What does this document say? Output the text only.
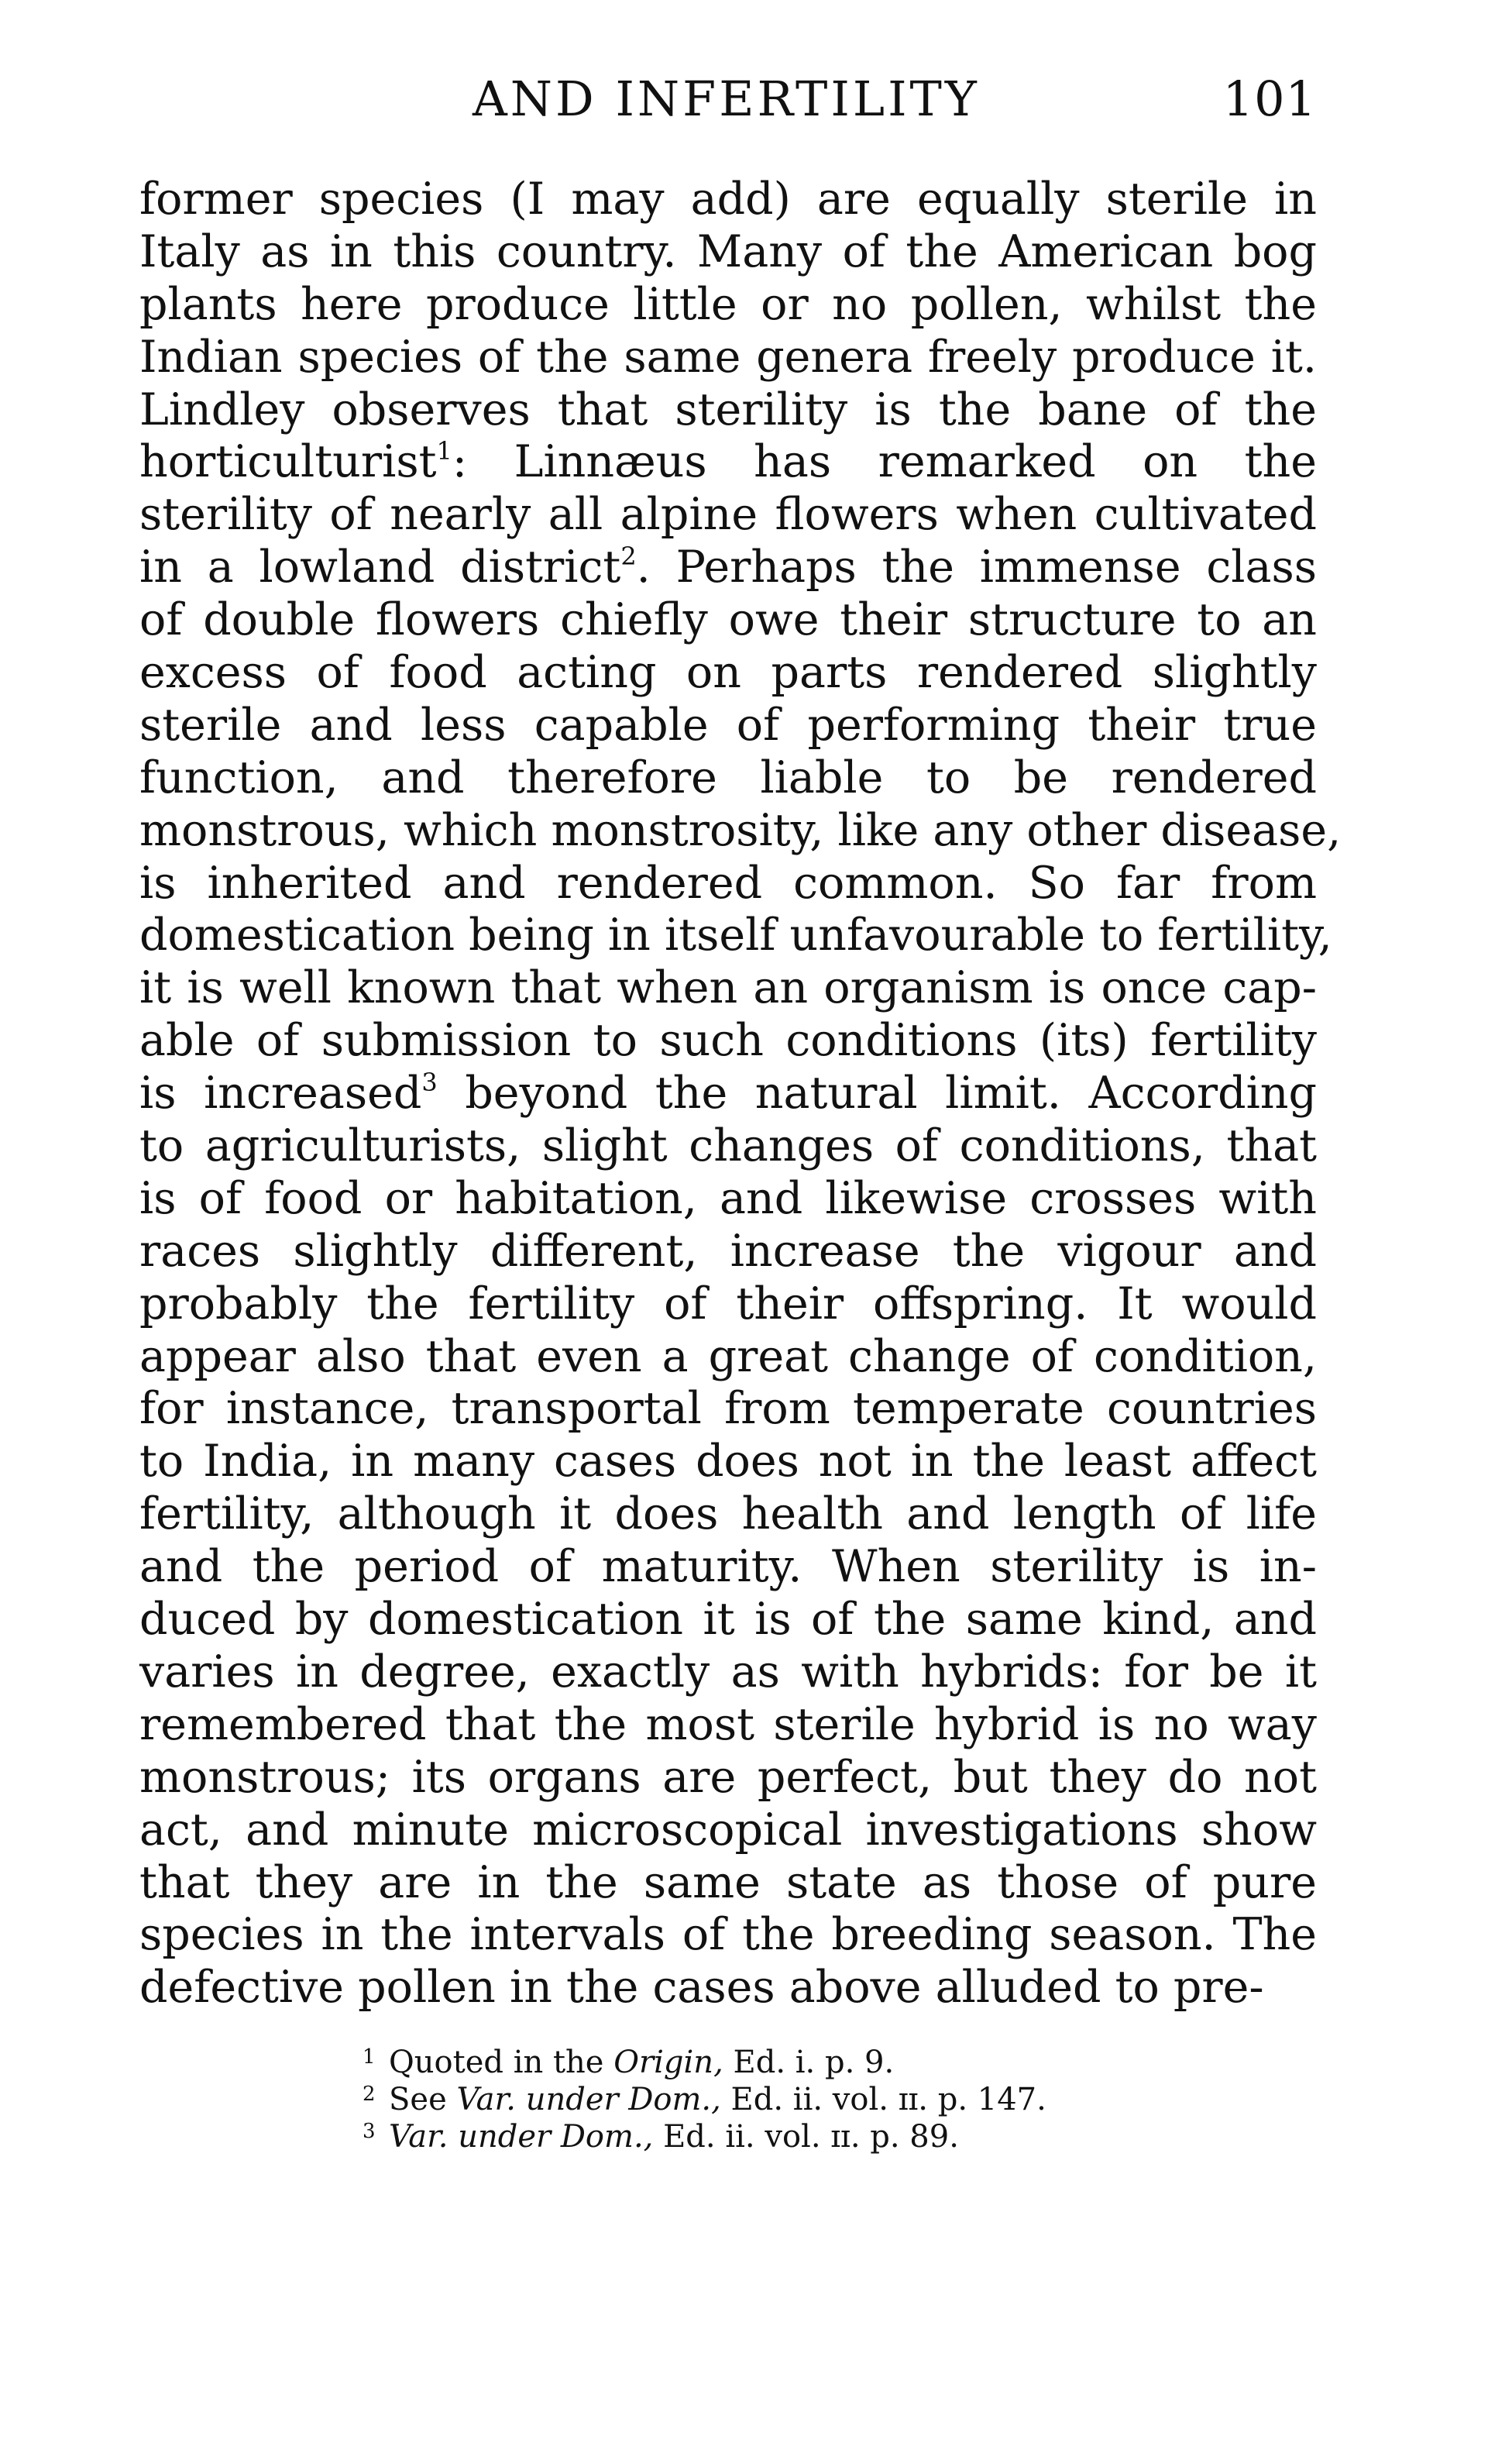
AND INFERTILITY	101
former species (I may add) are equally sterile in
Italy as in this country. Many of the American bog
plants here produce little or no pollen, whilst the
Indian species of the same genera freely produce it.
Lindley observes that sterility is the bane of the
horticulturist$^1$: Linnæus has remarked on the
sterility of nearly all alpine flowers when cultivated
in a lowland district$^2$. Perhaps the immense class
of double flowers chiefly owe their structure to an
excess of food acting on parts rendered slightly
sterile and less capable of performing their true
function, and therefore liable to be rendered
monstrous, which monstrosity, like any other disease,
is inherited and rendered common. So far from
domestication being in itself unfavourable to fertility,
it is well known that when an organism is once cap-
able of submission to such conditions (its) fertility
is increased$^3$ beyond the natural limit. According
to agriculturists, slight changes of conditions, that
is of food or habitation, and likewise crosses with
races slightly different, increase the vigour and
probably the fertility of their offspring. It would
appear also that even a great change of condition,
for instance, transportal from temperate countries
to India, in many cases does not in the least affect
fertility, although it does health and length of life
and the period of maturity. When sterility is in-
duced by domestication it is of the same kind, and
varies in degree, exactly as with hybrids: for be it
remembered that the most sterile hybrid is no way
monstrous; its organs are perfect, but they do not
act, and minute microscopical investigations show
that they are in the same state as those of pure
species in the intervals of the breeding season. The
defective pollen in the cases above alluded to pre-
1 Quoted in the Origin, Ed. i. p. 9.
2 See Var. under Dom., Ed. ii. vol. ɪɪ. p. 147.
3 Var. under Dom., Ed. ii. vol. ɪɪ. p. 89.
